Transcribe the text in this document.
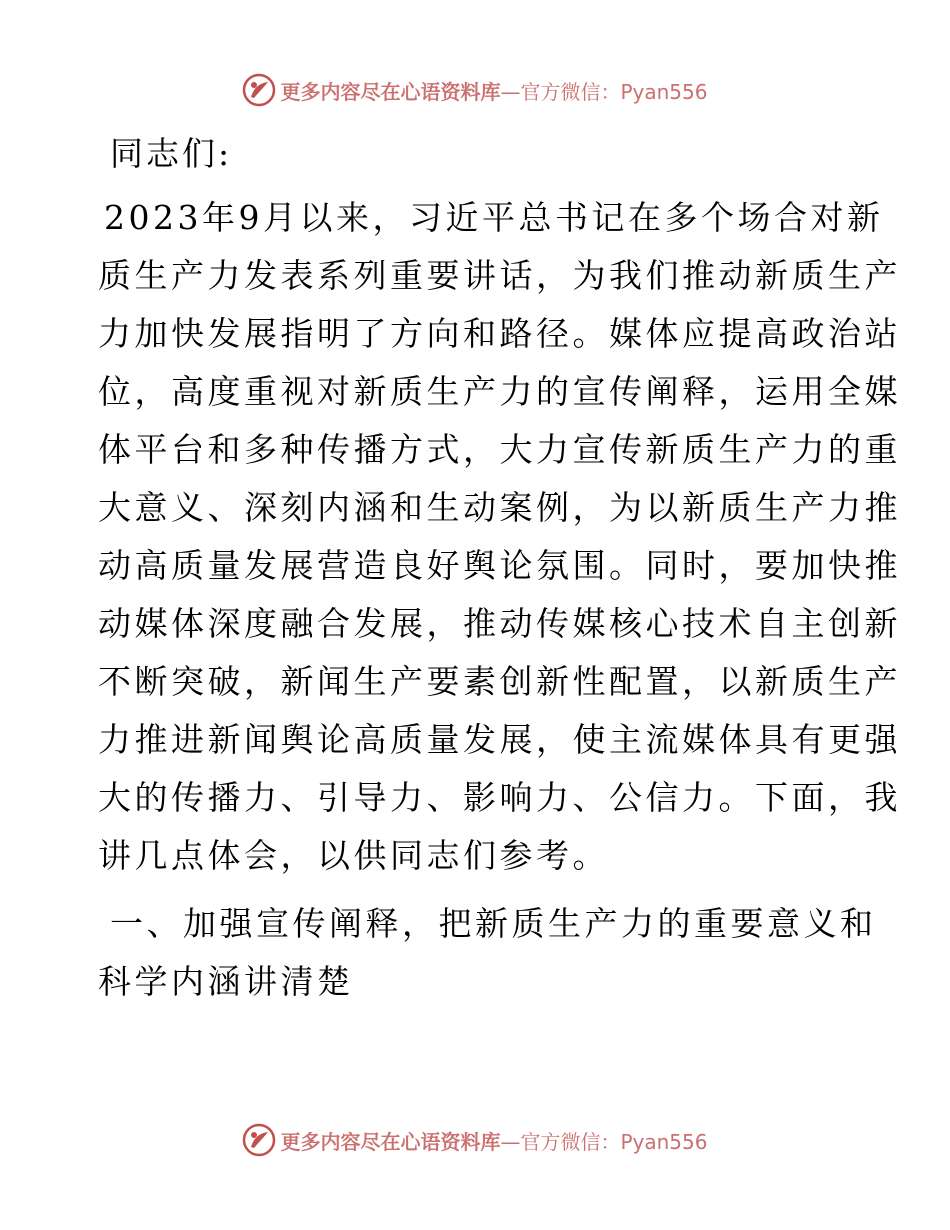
更多内容尽在心语资料库—官方微信：Pyan556
同志们:
2023年9月以来，习近平总书记在多个场合对新
质生产力发表系列重要讲话，为我们推动新质生产
力加快发展指明了方向和路径。媒体应提高政治站
位，高度重视对新质生产力的宣传阐释，运用全媒
体平台和多种传播方式，大力宣传新质生产力的重
大意义、深刻内涵和生动案例，为以新质生产力推
动高质量发展营造良好舆论氛围。同时，要加快推
动媒体深度融合发展，推动传媒核心技术自主创新
不断突破，新闻生产要素创新性配置，以新质生产
力推进新闻舆论高质量发展，使主流媒体具有更强
大的传播力、引导力、影响力、公信力。下面，我
讲几点体会，以供同志们参考。
一、加强宣传阐释，把新质生产力的重要意义和
科学内涵讲清楚
更多内容尽在心语资料库—官方微信：Pyan556
